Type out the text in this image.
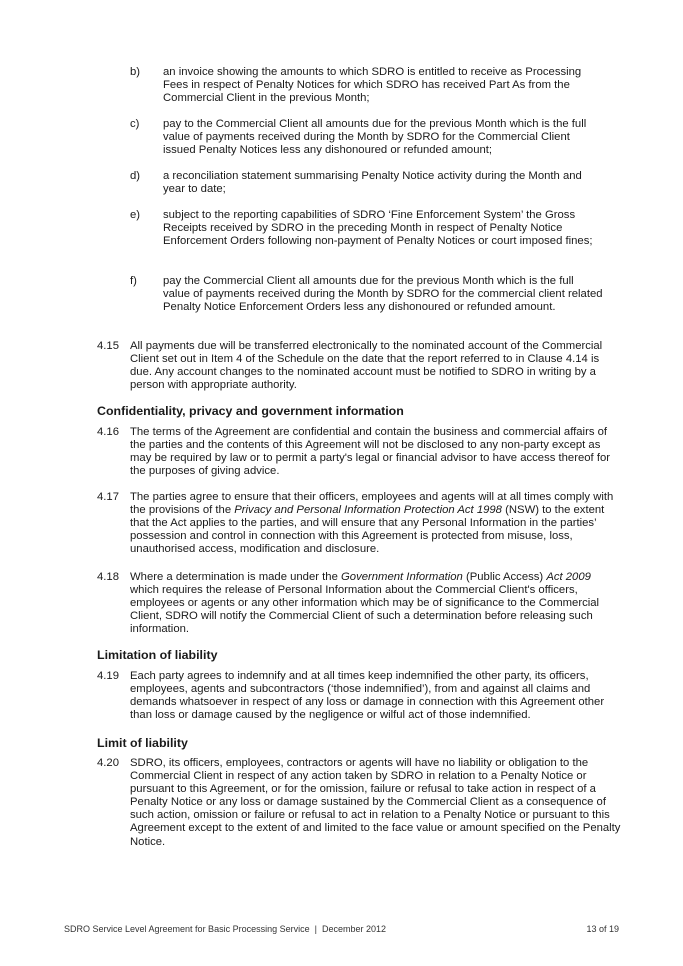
b) an invoice showing the amounts to which SDRO is entitled to receive as Processing Fees in respect of Penalty Notices for which SDRO has received Part As from the Commercial Client in the previous Month;
c) pay to the Commercial Client all amounts due for the previous Month which is the full value of payments received during the Month by SDRO for the Commercial Client issued Penalty Notices less any dishonoured or refunded amount;
d) a reconciliation statement summarising Penalty Notice activity during the Month and year to date;
e) subject to the reporting capabilities of SDRO ‘Fine Enforcement System’ the Gross Receipts received by SDRO in the preceding Month in respect of Penalty Notice Enforcement Orders following non-payment of Penalty Notices or court imposed fines;
f) pay the Commercial Client all amounts due for the previous Month which is the full value of payments received during the Month by SDRO for the commercial client related Penalty Notice Enforcement Orders less any dishonoured or refunded amount.
4.15 All payments due will be transferred electronically to the nominated account of the Commercial Client set out in Item 4 of the Schedule on the date that the report referred to in Clause 4.14 is due. Any account changes to the nominated account must be notified to SDRO in writing by a person with appropriate authority.
Confidentiality, privacy and government information
4.16 The terms of the Agreement are confidential and contain the business and commercial affairs of the parties and the contents of this Agreement will not be disclosed to any non-party except as may be required by law or to permit a party's legal or financial advisor to have access thereof for the purposes of giving advice.
4.17 The parties agree to ensure that their officers, employees and agents will at all times comply with the provisions of the Privacy and Personal Information Protection Act 1998 (NSW) to the extent that the Act applies to the parties, and will ensure that any Personal Information in the parties’ possession and control in connection with this Agreement is protected from misuse, loss, unauthorised access, modification and disclosure.
4.18 Where a determination is made under the Government Information (Public Access) Act 2009 which requires the release of Personal Information about the Commercial Client's officers, employees or agents or any other information which may be of significance to the Commercial Client, SDRO will notify the Commercial Client of such a determination before releasing such information.
Limitation of liability
4.19 Each party agrees to indemnify and at all times keep indemnified the other party, its officers, employees, agents and subcontractors (‘those indemnified’), from and against all claims and demands whatsoever in respect of any loss or damage in connection with this Agreement other than loss or damage caused by the negligence or wilful act of those indemnified.
Limit of liability
4.20 SDRO, its officers, employees, contractors or agents will have no liability or obligation to the Commercial Client in respect of any action taken by SDRO in relation to a Penalty Notice or pursuant to this Agreement, or for the omission, failure or refusal to take action in respect of a Penalty Notice or any loss or damage sustained by the Commercial Client as a consequence of such action, omission or failure or refusal to act in relation to a Penalty Notice or pursuant to this Agreement except to the extent of and limited to the face value or amount specified on the Penalty Notice.
SDRO Service Level Agreement for Basic Processing Service  |  December 2012	13 of 19
